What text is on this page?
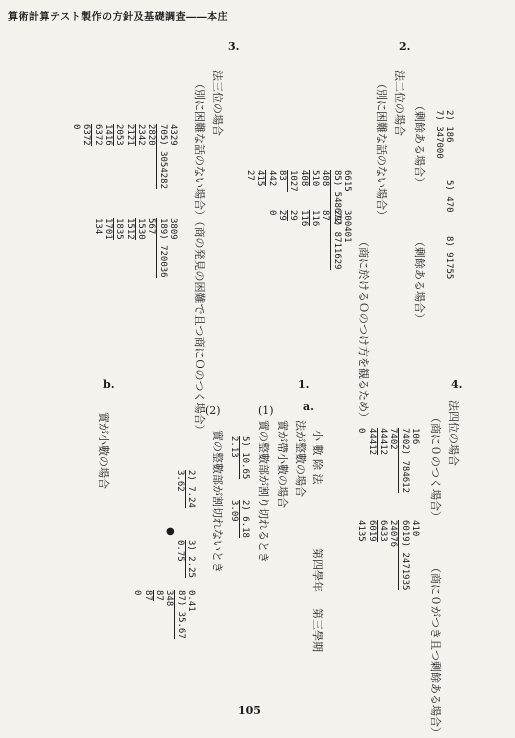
算術計算テスト製作の方針及基礎調査――本庄
2.
法二位の場合
（別に困難な話のない場合）
（商に於けるＯのつけ方を観るため）
6615
85) 548672
408
510
408
1027
83
442
415
27
300401
29) 8711629
87
116
116
29
29
0
2) 186
7) 347000
5) 470
8) 91755
（剰餘ある場合）
（剰餘ある場合）
3.
法三位の場合
（別に困難な話のない場合）（商の発見の困難で且つ商にＯのつく場合）
4329
705) 3054282
2820
2342
2121
2053
1416
6372
6372
0
3809
189) 720036
567
1530
1512
1835
1701
134
4.
法四位の場合
（商に０のつく場合）
（商に０がつき且つ剰餘ある場合）
106
7402) 784612
7402
44412
44412
0
410
6019) 2471935
24076
6433
6019
4135
1.
小 數 除 法
第四學年
第三學期
a.
法が整數の場合
(1)
實が帶小數の場合
實の整數部が割り切れるとき
5) 10.65
2.13
2) 6.18
3.09
(2)
實の整數部が割切れないとき
2) 7.24
3.62
●
3) 2.25
0.75
0.41
87) 35.67
348
87
87
0
b.
實が小數の場合
105
